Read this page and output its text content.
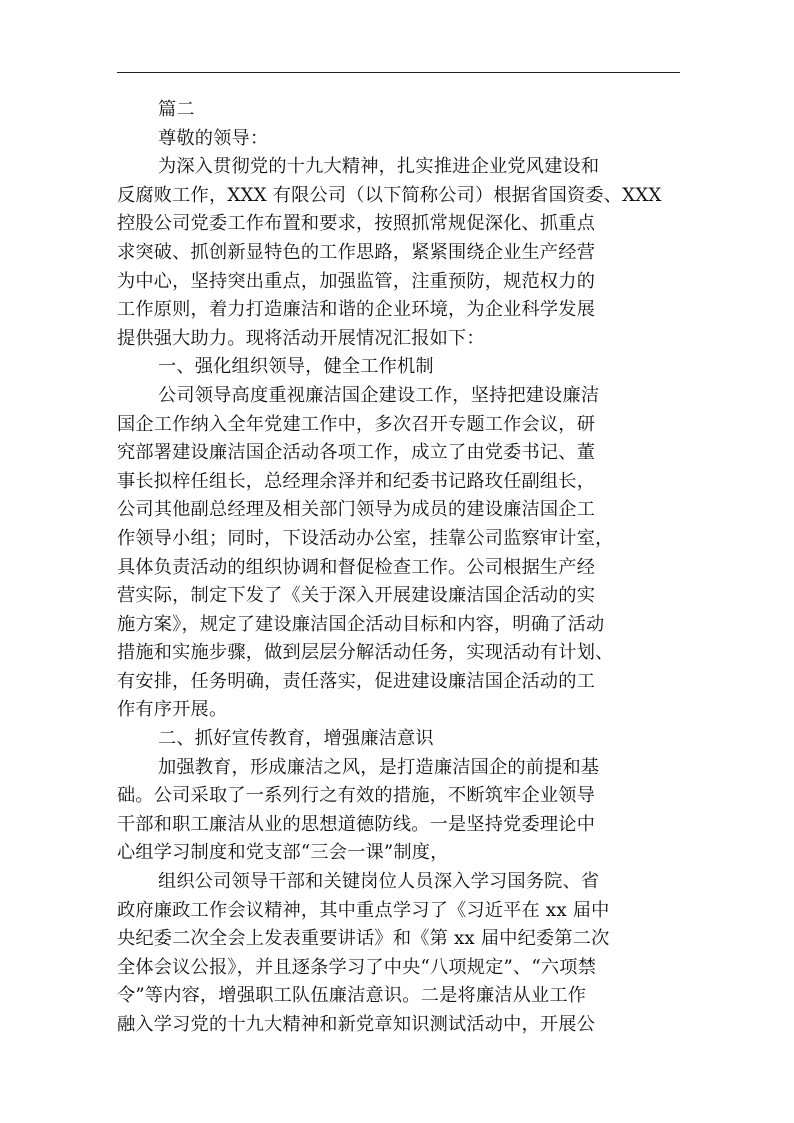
篇二
尊敬的领导：
为深入贯彻党的十九大精神，扎实推进企业党风建设和
反腐败工作，XXX 有限公司（以下简称公司）根据省国资委、XXX
控股公司党委工作布置和要求，按照抓常规促深化、抓重点
求突破、抓创新显特色的工作思路，紧紧围绕企业生产经营
为中心，坚持突出重点，加强监管，注重预防，规范权力的
工作原则，着力打造廉洁和谐的企业环境，为企业科学发展
提供强大助力。现将活动开展情况汇报如下：
一、强化组织领导，健全工作机制
公司领导高度重视廉洁国企建设工作，坚持把建设廉洁
国企工作纳入全年党建工作中，多次召开专题工作会议，研
究部署建设廉洁国企活动各项工作，成立了由党委书记、董
事长拟梓任组长，总经理余泽并和纪委书记路玫任副组长，
公司其他副总经理及相关部门领导为成员的建设廉洁国企工
作领导小组；同时，下设活动办公室，挂靠公司监察审计室，
具体负责活动的组织协调和督促检查工作。公司根据生产经
营实际，制定下发了《关于深入开展建设廉洁国企活动的实
施方案》，规定了建设廉洁国企活动目标和内容，明确了活动
措施和实施步骤，做到层层分解活动任务，实现活动有计划、
有安排，任务明确，责任落实，促进建设廉洁国企活动的工
作有序开展。
二、抓好宣传教育，增强廉洁意识
加强教育，形成廉洁之风，是打造廉洁国企的前提和基
础。公司采取了一系列行之有效的措施，不断筑牢企业领导
干部和职工廉洁从业的思想道德防线。一是坚持党委理论中
心组学习制度和党支部“三会一课”制度，
组织公司领导干部和关键岗位人员深入学习国务院、省
政府廉政工作会议精神，其中重点学习了《习近平在 xx 届中
央纪委二次全会上发表重要讲话》和《第 xx 届中纪委第二次
全体会议公报》，并且逐条学习了中央“八项规定”、“六项禁
令”等内容，增强职工队伍廉洁意识。二是将廉洁从业工作
融入学习党的十九大精神和新党章知识测试活动中，开展公
